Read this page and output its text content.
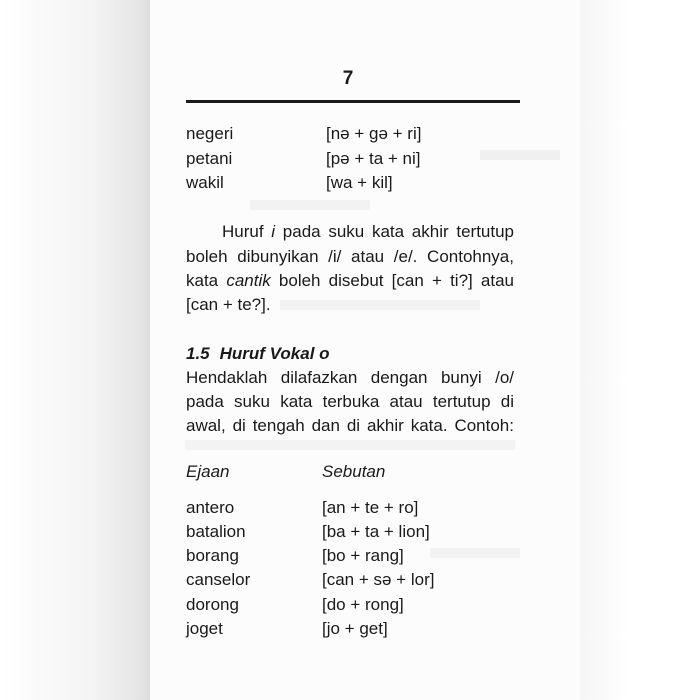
7
negeri	[nə + gə + ri]
petani	[pə + ta + ni]
wakil	[wa + kil]
Huruf i pada suku kata akhir tertutup
boleh dibunyikan /i/ atau /e/. Contohnya,
kata cantik boleh disebut [can + ti?] atau
[can + te?].
1.5 Huruf Vokal o
Hendaklah dilafazkan dengan bunyi /o/
pada suku kata terbuka atau tertutup di
awal, di tengah dan di akhir kata. Contoh:
Ejaan	Sebutan
antero	[an + te + ro]
batalion	[ba + ta + lion]
borang	[bo + rang]
canselor	[can + sə + lor]
dorong	[do + rong]
joget	[jo + get]
